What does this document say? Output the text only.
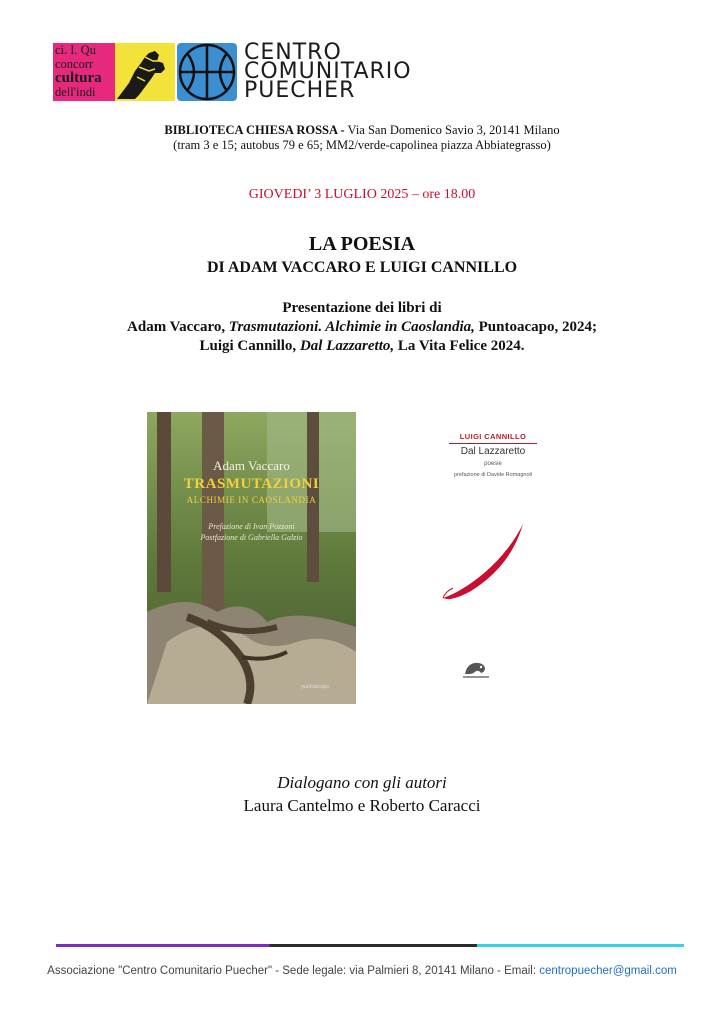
ci. I. Qu
concorr
cultura
dell'indi
CENTRO
COMUNITARIO
PUECHER
BIBLIOTECA CHIESA ROSSA - Via San Domenico Savio 3, 20141 Milano
(tram 3 e 15; autobus 79 e 65; MM2/verde-capolinea piazza Abbiategrasso)
GIOVEDI’ 3 LUGLIO 2025 – ore 18.00
LA POESIA
DI ADAM VACCARO E LUIGI CANNILLO
Presentazione dei libri di
Adam Vaccaro, Trasmutazioni. Alchimie in Caoslandia, Puntoacapo, 2024;
Luigi Cannillo, Dal Lazzaretto, La Vita Felice 2024.
Adam Vaccaro
TRASMUTAZIONI
ALCHIMIE IN CAOSLANDIA
Prefazione di Ivan Pozzoni
Postfazione di Gabriella Galzio
puntoacapo
LUIGI CANNILLO
Dal Lazzaretto
poesie
prefazione di Davide Romagnoli
Dialogano con gli autori
Laura Cantelmo e Roberto Caracci
Associazione "Centro Comunitario Puecher" - Sede legale: via Palmieri 8, 20141 Milano - Email: centropuecher@gmail.com
